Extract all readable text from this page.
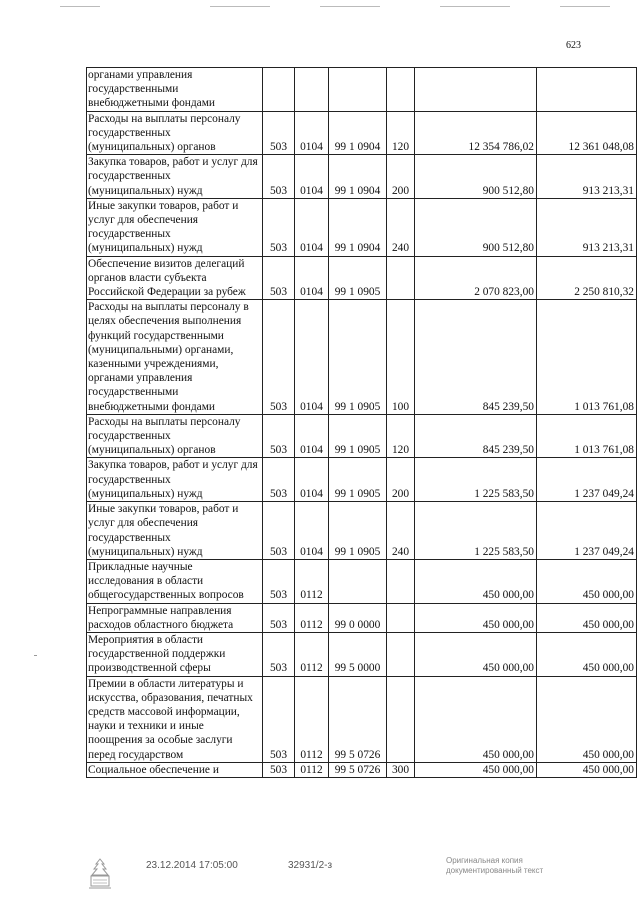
623
органами управления государственными внебюджетными фондами						
Расходы на выплаты персоналу государственных (муниципальных) органов	503	0104	99 1 0904	120	12 354 786,02	12 361 048,08
Закупка товаров, работ и услуг для государственных (муниципальных) нужд	503	0104	99 1 0904	200	900 512,80	913 213,31
Иные закупки товаров, работ и услуг для обеспечения государственных (муниципальных) нужд	503	0104	99 1 0904	240	900 512,80	913 213,31
Обеспечение визитов делегаций органов власти субъекта Российской Федерации за рубеж	503	0104	99 1 0905		2 070 823,00	2 250 810,32
Расходы на выплаты персоналу в целях обеспечения выполнения функций государственными (муниципальными) органами, казенными учреждениями, органами управления государственными внебюджетными фондами	503	0104	99 1 0905	100	845 239,50	1 013 761,08
Расходы на выплаты персоналу государственных (муниципальных) органов	503	0104	99 1 0905	120	845 239,50	1 013 761,08
Закупка товаров, работ и услуг для государственных (муниципальных) нужд	503	0104	99 1 0905	200	1 225 583,50	1 237 049,24
Иные закупки товаров, работ и услуг для обеспечения государственных (муниципальных) нужд	503	0104	99 1 0905	240	1 225 583,50	1 237 049,24
Прикладные научные исследования в области общегосударственных вопросов	503	0112			450 000,00	450 000,00
Непрограммные направления расходов областного бюджета	503	0112	99 0 0000		450 000,00	450 000,00
Мероприятия в области государственной поддержки производственной сферы	503	0112	99 5 0000		450 000,00	450 000,00
Премии в области литературы и искусства, образования, печатных средств массовой информации, науки и техники и иные поощрения за особые заслуги перед государством	503	0112	99 5 0726		450 000,00	450 000,00
Социальное обеспечение и	503	0112	99 5 0726	300	450 000,00	450 000,00
23.12.2014 17:05:00	32931/2-з	Оригинальная копия
документированный текст
